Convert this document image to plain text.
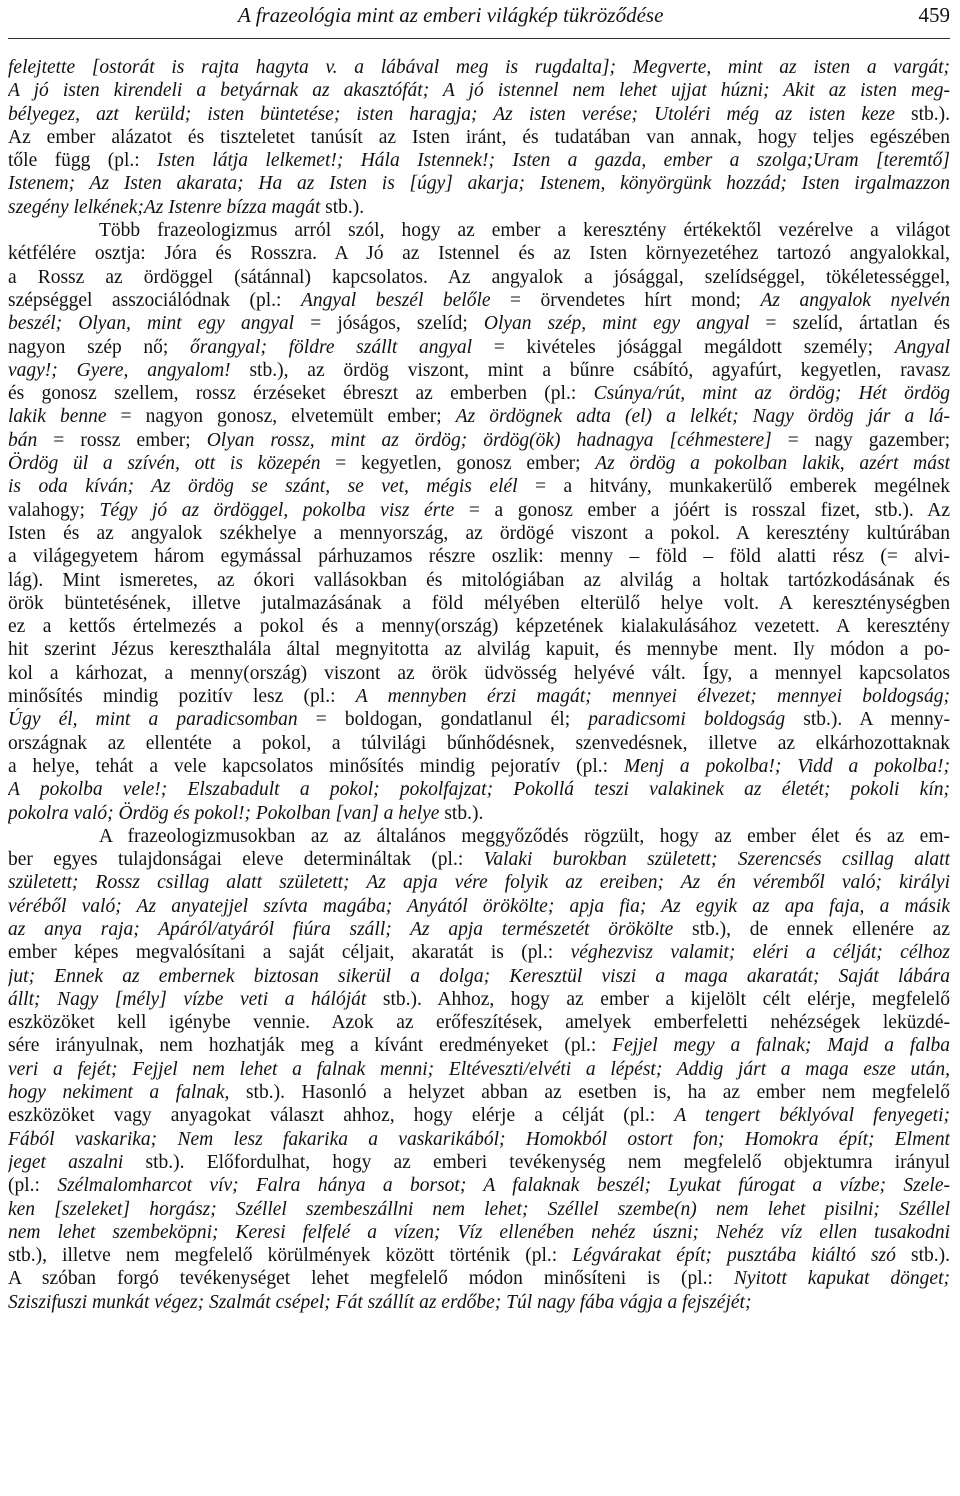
A frazeológia mint az emberi világkép tükröződése	459
felejtette [ostorát is rajta hagyta v. a lábával meg is rugdalta]; Megverte, mint az isten a vargát;
A jó isten kirendeli a betyárnak az akasztófát; A jó istennel nem lehet ujjat húzni; Akit az isten meg-
bélyegez, azt kerüld; isten büntetése; isten haragja; Az isten verése; Utoléri még az isten keze stb.).
Az ember alázatot és tiszteletet tanúsít az Isten iránt, és tudatában van annak, hogy teljes egészében
tőle függ (pl.: Isten látja lelkemet!; Hála Istennek!; Isten a gazda, ember a szolga;Uram [teremtő]
Istenem; Az Isten akarata; Ha az Isten is [úgy] akarja; Istenem, könyörgünk hozzád; Isten irgalmazzon
szegény lelkének;Az Istenre bízza magát stb.).
Több frazeologizmus arról szól, hogy az ember a keresztény értékektől vezérelve a világot
kétfélére osztja: Jóra és Rosszra. A Jó az Istennel és az Isten környezetéhez tartozó angyalokkal,
a Rossz az ördöggel (sátánnal) kapcsolatos. Az angyalok a jósággal, szelídséggel, tökéletességgel,
szépséggel asszociálódnak (pl.: Angyal beszél belőle = örvendetes hírt mond; Az angyalok nyelvén
beszél; Olyan, mint egy angyal = jóságos, szelíd; Olyan szép, mint egy angyal = szelíd, ártatlan és
nagyon szép nő; őrangyal; földre szállt angyal = kivételes jósággal megáldott személy; Angyal
vagy!; Gyere, angyalom! stb.), az ördög viszont, mint a bűnre csábító, agyafúrt, kegyetlen, ravasz
és gonosz szellem, rossz érzéseket ébreszt az emberben (pl.: Csúnya/rút, mint az ördög; Hét ördög
lakik benne = nagyon gonosz, elvetemült ember; Az ördögnek adta (el) a lelkét; Nagy ördög jár a lá-
bán = rossz ember; Olyan rossz, mint az ördög; ördög(ök) hadnagya [céhmestere] = nagy gazember;
Ördög ül a szívén, ott is közepén = kegyetlen, gonosz ember; Az ördög a pokolban lakik, azért mást
is oda kíván; Az ördög se szánt, se vet, mégis elél = a hitvány, munkakerülő emberek megélnek
valahogy; Tégy jó az ördöggel, pokolba visz érte = a gonosz ember a jóért is rosszal fizet, stb.). Az
Isten és az angyalok székhelye a mennyország, az ördögé viszont a pokol. A keresztény kultúrában
a világegyetem három egymással párhuzamos részre oszlik: menny – föld – föld alatti rész (= alvi-
lág). Mint ismeretes, az ókori vallásokban és mitológiában az alvilág a holtak tartózkodásának és
örök büntetésének, illetve jutalmazásának a föld mélyében elterülő helye volt. A kereszténységben
ez a kettős értelmezés a pokol és a menny(ország) képzetének kialakulásához vezetett. A keresztény
hit szerint Jézus kereszthalála által megnyitotta az alvilág kapuit, és mennybe ment. Ily módon a po-
kol a kárhozat, a menny(ország) viszont az örök üdvösség helyévé vált. Így, a mennyel kapcsolatos
minősítés mindig pozitív lesz (pl.: A mennyben érzi magát; mennyei élvezet; mennyei boldogság;
Úgy él, mint a paradicsomban = boldogan, gondatlanul él; paradicsomi boldogság stb.). A menny-
országnak az ellentéte a pokol, a túlvilági bűnhődésnek, szenvedésnek, illetve az elkárhozottaknak
a helye, tehát a vele kapcsolatos minősítés mindig pejoratív (pl.: Menj a pokolba!; Vidd a pokolba!;
A pokolba vele!; Elszabadult a pokol; pokolfajzat; Pokollá teszi valakinek az életét; pokoli kín;
pokolra való; Ördög és pokol!; Pokolban [van] a helye stb.).
A frazeologizmusokban az az általános meggyőződés rögzült, hogy az ember élet és az em-
ber egyes tulajdonságai eleve determináltak (pl.: Valaki burokban született; Szerencsés csillag alatt
született; Rossz csillag alatt született; Az apja vére folyik az ereiben; Az én véremből való; királyi
véréből való; Az anyatejjel szívta magába; Anyától örökölte; apja fia; Az egyik az apa faja, a másik
az anya raja; Apáról/atyáról fiúra száll; Az apja természetét örökölte stb.), de ennek ellenére az
ember képes megvalósítani a saját céljait, akaratát is (pl.: véghezvisz valamit; eléri a célját; célhoz
jut; Ennek az embernek biztosan sikerül a dolga; Keresztül viszi a maga akaratát; Saját lábára
állt; Nagy [mély] vízbe veti a hálóját stb.). Ahhoz, hogy az ember a kijelölt célt elérje, megfelelő
eszközöket kell igénybe vennie. Azok az erőfeszítések, amelyek emberfeletti nehézségek leküzdé-
sére irányulnak, nem hozhatják meg a kívánt eredményeket (pl.: Fejjel megy a falnak; Majd a falba
veri a fejét; Fejjel nem lehet a falnak menni; Eltéveszti/elvéti a lépést; Addig járt a maga esze után,
hogy nekiment a falnak, stb.). Hasonló a helyzet abban az esetben is, ha az ember nem megfelelő
eszközöket vagy anyagokat választ ahhoz, hogy elérje a célját (pl.: A tengert béklyóval fenyegeti;
Fából vaskarika; Nem lesz fakarika a vaskarikából; Homokból ostort fon; Homokra épít; Elment
jeget aszalni stb.). Előfordulhat, hogy az emberi tevékenység nem megfelelő objektumra irányul
(pl.: Szélmalomharcot vív; Falra hánya a borsot; A falaknak beszél; Lyukat fúrogat a vízbe; Szele-
ken [szeleket] horgász; Széllel szembeszállni nem lehet; Széllel szembe(n) nem lehet pisilni; Széllel
nem lehet szembeköpni; Keresi felfelé a vízen; Víz ellenében nehéz úszni; Nehéz víz ellen tusakodni
stb.), illetve nem megfelelő körülmények között történik (pl.: Légvárakat épít; pusztába kiáltó szó stb.).
A szóban forgó tevékenységet lehet megfelelő módon minősíteni is (pl.: Nyitott kapukat dönget;
Sziszifuszi munkát végez; Szalmát csépel; Fát szállít az erdőbe; Túl nagy fába vágja a fejszéjét;
